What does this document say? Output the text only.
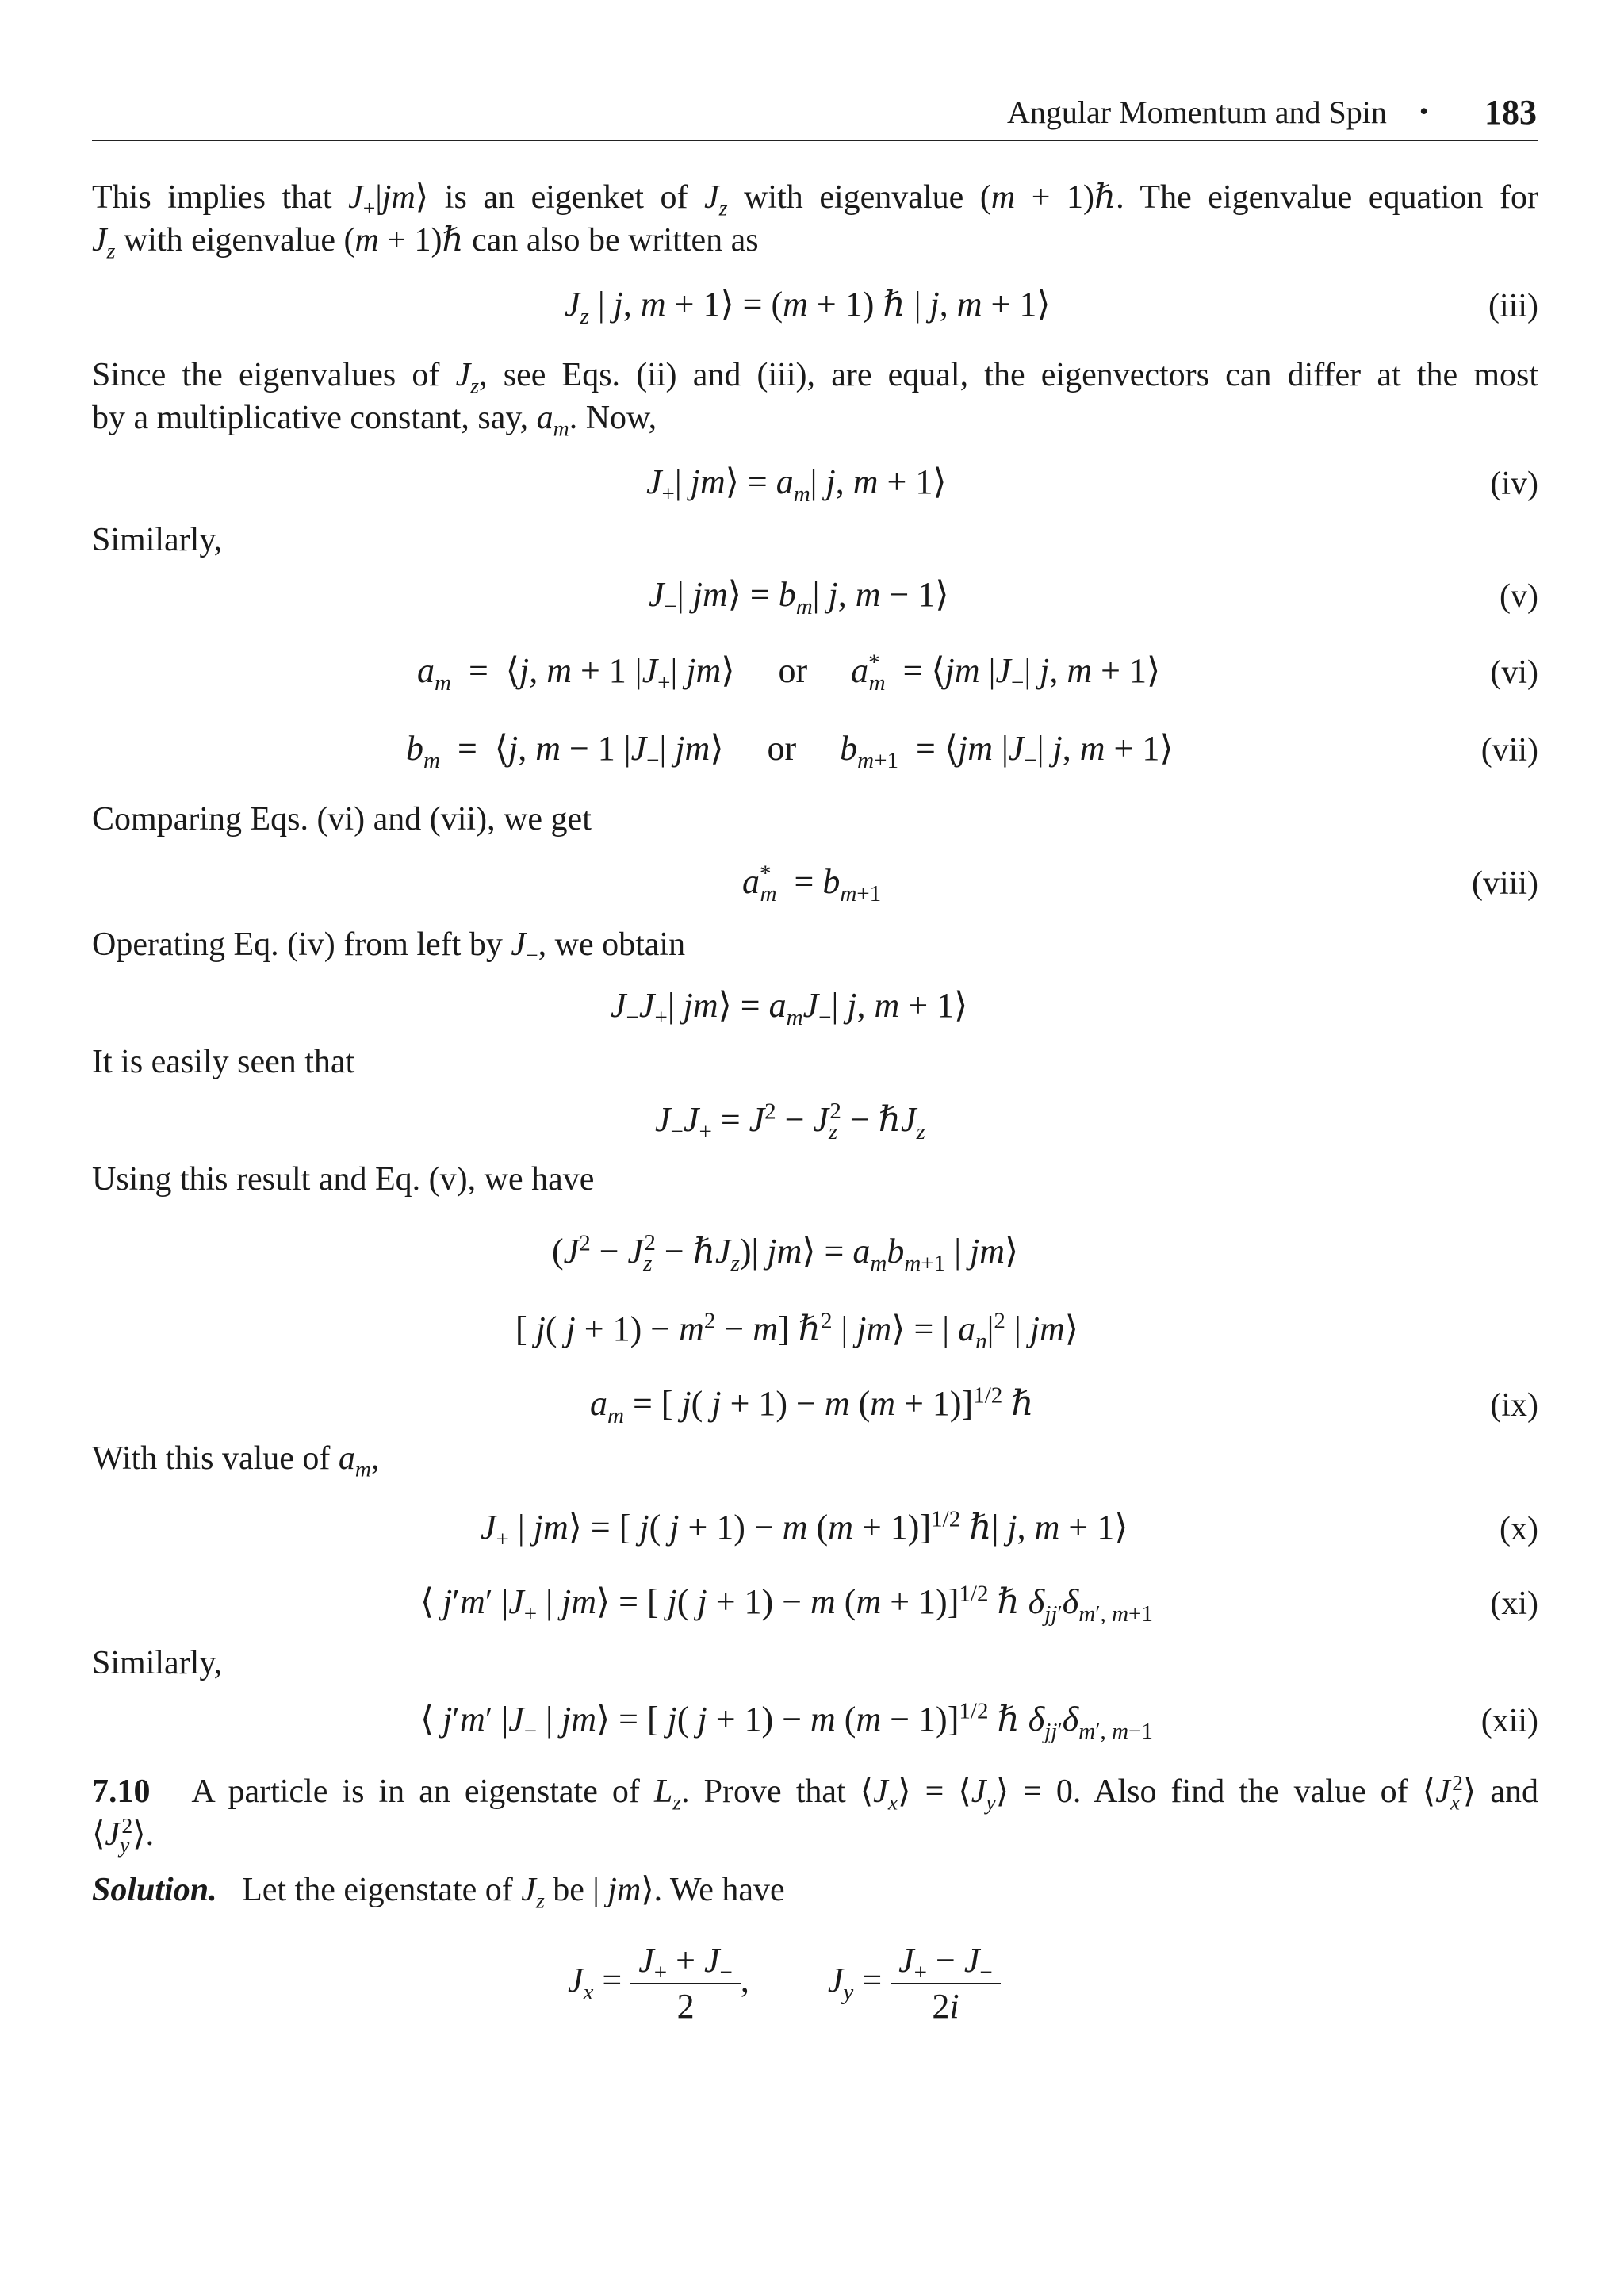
Angular Momentum and Spin • 183
This implies that $J_+|jm⟩$ is an eigenket of $J_z$ with eigenvalue (m + 1)ℏ. The eigenvalue equation for
$J_z$ with eigenvalue (m + 1)ℏ can also be written as
$J_z$ | j, m + 1⟩ = (m + 1) ℏ | j, m + 1⟩	(iii)
Since the eigenvalues of $J_z$, see Eqs. (ii) and (iii), are equal, the eigenvectors can differ at the most
by a multiplicative constant, say, $a_m$. Now,
$J_+|$ jm⟩ = $a_m|$ j, m + 1⟩	(iv)
Similarly,
$J_-|$ jm⟩ = $b_m|$ j, m − 1⟩	(v)
$a_m$  =  ⟨j, m + 1 $|J_+|$ jm⟩     or     $a^*_m$  = ⟨jm $|J_-|$ j, m + 1⟩	(vi)
$b_m$  =  ⟨j, m − 1 $|J_-|$ jm⟩     or     $b_{m+1}$  = ⟨jm $|J_-|$ j, m + 1⟩	(vii)
Comparing Eqs. (vi) and (vii), we get
$a^*_m = b_{m+1}$	(viii)
Operating Eq. (iv) from left by $J_-$, we obtain
$J_-J_+|$ jm⟩ = $a_mJ_-|$ j, m + 1⟩
It is easily seen that
$J_-J_+ = J^2 - J_z^2$ − ℏJ$_z$
Using this result and Eq. (v), we have
($J^2 - J_z^2$ − ℏJ$_z$)| jm⟩ = $a_mb_{m+1}$ | jm⟩
[ j( $j + 1) - m^2 - m$] ℏ$^2$ | jm⟩ = | $a_n|^2$ | jm⟩
$a_m$ = [ j( j + 1) − m (m + 1)]$^{1/2}$ ℏ	(ix)
With this value of $a_m$,
$J_+$ | jm⟩ = [ j( j + 1) − m (m + 1)]$^{1/2}$ ℏ| j, m + 1⟩	(x)
⟨ j′m′ $|J_+$ | jm⟩ = [ j( j + 1) − m (m + 1)]$^{1/2}$ ℏ $\delta_{jj'}\delta_{m', m+1}$	(xi)
Similarly,
⟨ j′m′ $|J_-$ | jm⟩ = [ j( j + 1) − m (m − 1)]$^{1/2}$ ℏ $\delta_{jj'}\delta_{m', m-1}$	(xii)
7.10   A particle is in an eigenstate of $L_z$. Prove that $⟨J_x⟩$ = $⟨J_y⟩ = 0$. Also find the value of $⟨J_x^2⟩$ and
$⟨J_y^2⟩$.
Solution.   Let the eigenstate of $J_z$ be | jm⟩. We have
$J_x = \frac{J_+ + J_-}{2}$ ,         $J_y = \frac{J_+ - J_-}{2i}$
